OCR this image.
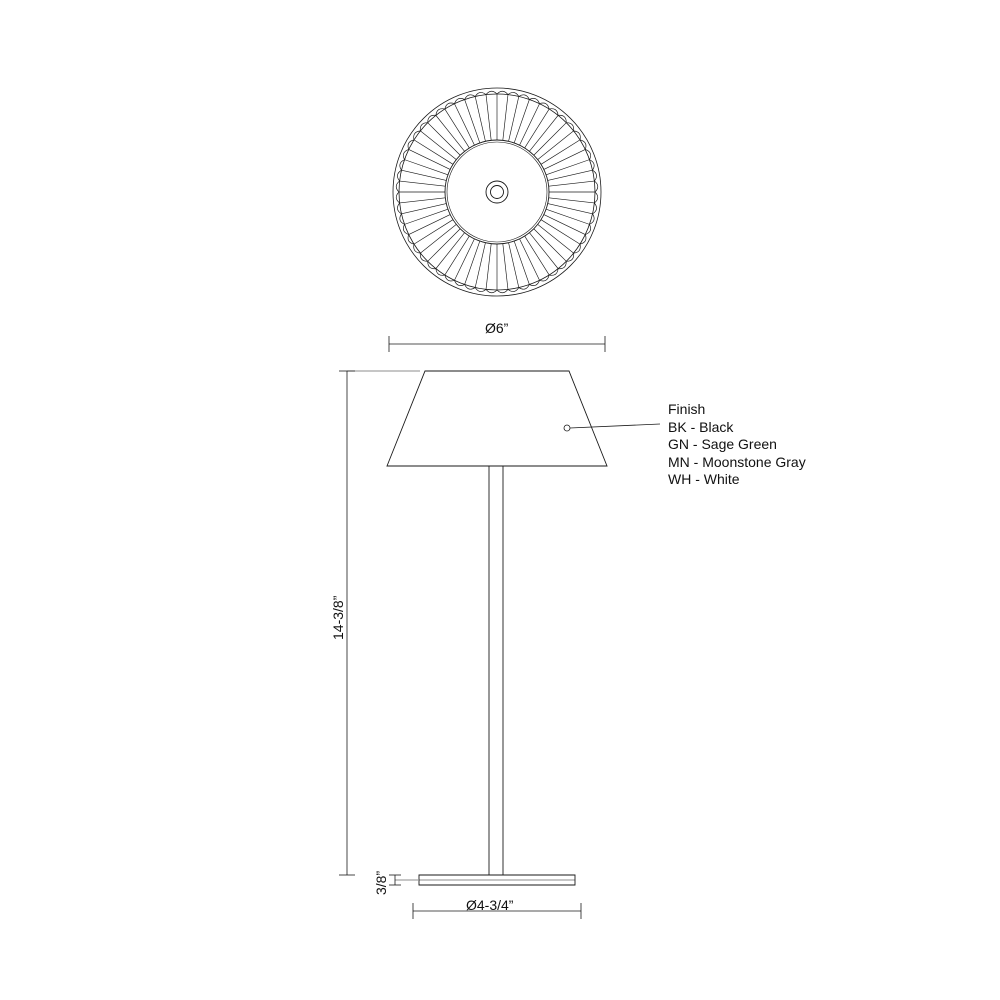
Ø6”
14-3/8”
3/8”
Ø4-3/4”
Finish
BK - Black
GN - Sage Green
MN - Moonstone Gray
WH - White
